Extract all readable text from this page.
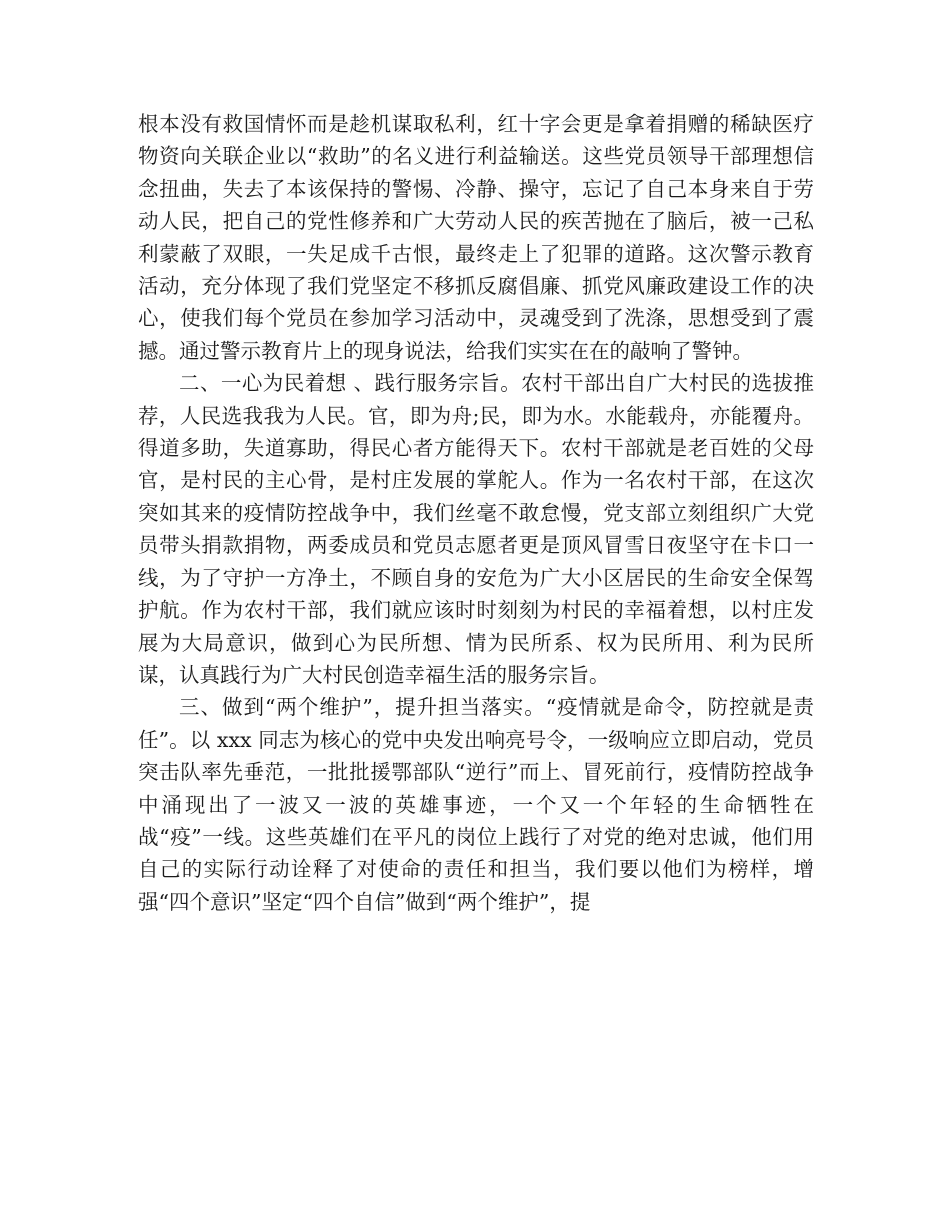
根本没有救国情怀而是趁机谋取私利，红十字会更是拿着捐赠的稀缺医疗物资向关联企业以“救助”的名义进行利益输送。这些党员领导干部理想信念扭曲，失去了本该保持的警惕、冷静、操守，忘记了自己本身来自于劳动人民，把自己的党性修养和广大劳动人民的疾苦抛在了脑后，被一己私利蒙蔽了双眼，一失足成千古恨，最终走上了犯罪的道路。这次警示教育活动，充分体现了我们党坚定不移抓反腐倡廉、抓党风廉政建设工作的决心，使我们每个党员在参加学习活动中，灵魂受到了洗涤，思想受到了震撼。通过警示教育片上的现身说法，给我们实实在在的敲响了警钟。

二、一心为民着想 、践行服务宗旨。农村干部出自广大村民的选拔推荐，人民选我我为人民。官，即为舟;民，即为水。水能载舟，亦能覆舟。得道多助，失道寡助，得民心者方能得天下。农村干部就是老百姓的父母官，是村民的主心骨，是村庄发展的掌舵人。作为一名农村干部，在这次突如其来的疫情防控战争中，我们丝毫不敢怠慢，党支部立刻组织广大党员带头捐款捐物，两委成员和党员志愿者更是顶风冒雪日夜坚守在卡口一线，为了守护一方净土，不顾自身的安危为广大小区居民的生命安全保驾护航。作为农村干部，我们就应该时时刻刻为村民的幸福着想，以村庄发展为大局意识，做到心为民所想、情为民所系、权为民所用、利为民所谋，认真践行为广大村民创造幸福生活的服务宗旨。

三、做到“两个维护”，提升担当落实。“疫情就是命令，防控就是责任”。以 xxx 同志为核心的党中央发出响亮号令，一级响应立即启动，党员突击队率先垂范，一批批援鄂部队“逆行”而上、冒死前行，疫情防控战争中涌现出了一波又一波的英雄事迹，一个又一个年轻的生命牺牲在战“疫”一线。这些英雄们在平凡的岗位上践行了对党的绝对忠诚，他们用自己的实际行动诠释了对使命的责任和担当，我们要以他们为榜样，增强“四个意识”坚定“四个自信”做到“两个维护”，提
